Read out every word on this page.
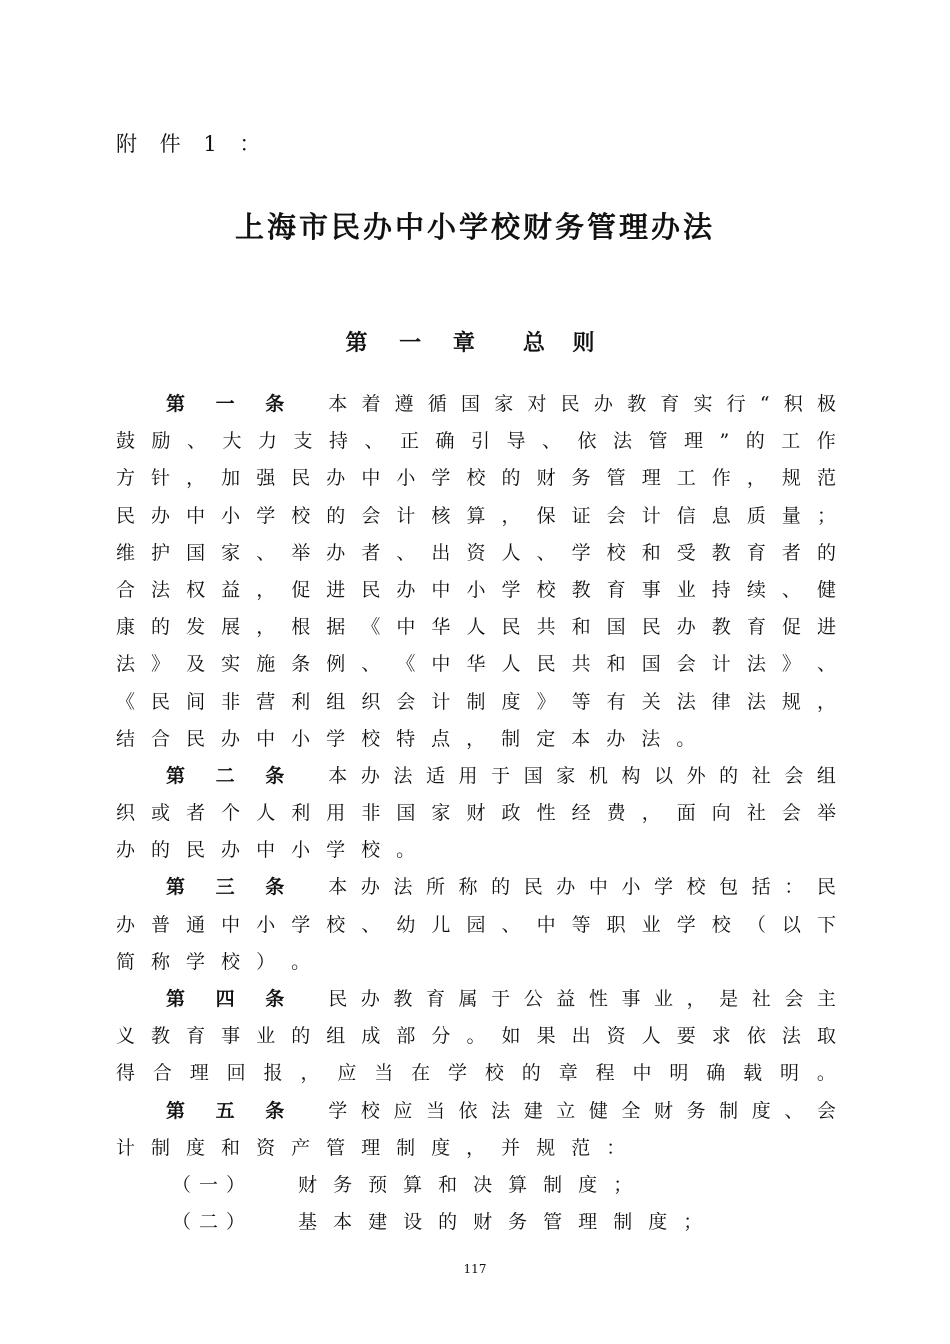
附 件 1 ：
上海市民办中小学校财务管理办法
第 一 章 总 则
第 一 条 本 着 遵 循 国 家 对 民 办 教 育 实 行 “ 积 极
鼓 励 、 大 力 支 持 、 正 确 引 导 、 依 法 管 理 ” 的 工 作
方 针 ， 加 强 民 办 中 小 学 校 的 财 务 管 理 工 作 ， 规 范
民 办 中 小 学 校 的 会 计 核 算 ， 保 证 会 计 信 息 质 量 ；
维 护 国 家 、 举 办 者 、 出 资 人 、 学 校 和 受 教 育 者 的
合 法 权 益 ， 促 进 民 办 中 小 学 校 教 育 事 业 持 续 、 健
康 的 发 展 ， 根 据 《 中 华 人 民 共 和 国 民 办 教 育 促 进
法 》 及 实 施 条 例 、 《 中 华 人 民 共 和 国 会 计 法 》 、
《 民 间 非 营 利 组 织 会 计 制 度 》 等 有 关 法 律 法 规 ，
结 合 民 办 中 小 学 校 特 点 ， 制 定 本 办 法 。
第 二 条 本 办 法 适 用 于 国 家 机 构 以 外 的 社 会 组
织 或 者 个 人 利 用 非 国 家 财 政 性 经 费 ， 面 向 社 会 举
办 的 民 办 中 小 学 校 。
第 三 条 本 办 法 所 称 的 民 办 中 小 学 校 包 括 ： 民
办 普 通 中 小 学 校 、 幼 儿 园 、 中 等 职 业 学 校 （ 以 下
简 称 学 校 ） 。
第 四 条 民 办 教 育 属 于 公 益 性 事 业 ， 是 社 会 主
义 教 育 事 业 的 组 成 部 分 。 如 果 出 资 人 要 求 依 法 取
得 合 理 回 报 ， 应 当 在 学 校 的 章 程 中 明 确 载 明 。
第 五 条 学 校 应 当 依 法 建 立 健 全 财 务 制 度 、 会
计 制 度 和 资 产 管 理 制 度 ， 并 规 范 ：
（ 一 ）	财 务 预 算 和 决 算 制 度 ；
（ 二 ）	基 本 建 设 的 财 务 管 理 制 度 ；
117
